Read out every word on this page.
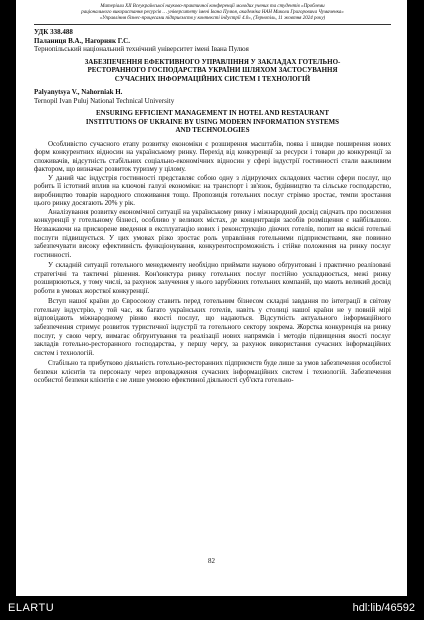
Матеріали XII Всеукраїнської науково-практичної конференції молодих учених та студентів «Проблеми
раціонального використання ресурсів … університету імені Івана Пулюя, академіка НАН Миколи Григоровича Чумаченка»
«Управління бізнес-процесами підприємств у контексті індустрії 4.0», (Тернопіль, 11 жовтня 2024 року)
УДК 338.488
Паланиця В.А., Нагорняк Г.С.
Тернопільський національний технічний університет імені Івана Пулюя
ЗАБЕЗПЕЧЕННЯ ЕФЕКТИВНОГО УПРАВЛІННЯ У ЗАКЛАДАХ ГОТЕЛЬНО-
РЕСТОРАННОГО ГОСПОДАРСТВА УКРАЇНИ ШЛЯХОМ ЗАСТОСУВАННЯ
СУЧАСНИХ ІНФОРМАЦІЙНИХ СИСТЕМ І ТЕХНОЛОГІЙ
Palyanytsya V., Nahorniak H.
Ternopil Ivan Puluj National Technical University
ENSURING EFFICIENT MANAGEMENT IN HOTEL AND RESTAURANT
INSTITUTIONS OF UKRAINE BY USING MODERN INFORMATION SYSTEMS
AND TECHNOLOGIES

Особливістю сучасного етапу розвитку економіки є розширення масштабів, поява і швидке поширення нових форм конкурентних відносин на українському ринку. Перехід від конкуренції за ресурси і товари до конкуренції за споживачів, відсутність стабільних соціально-економічних відносин у сфері індустрії гостинності стали важливим фактором, що визначає розвиток туризму у цілому.

У даний час індустрія гостинності представляє собою одну з лідируючих складових частин сфери послуг, що робить її істотний вплив на ключові галузі економіки: на транспорт і зв'язок, будівництво та сільське господарство, виробництво товарів народного споживання тощо. Пропозиція готельних послуг стрімко зростає, темпи зростання цього ринку досягають 20% у рік.

Аналізування розвитку економічної ситуації на українському ринку і міжнародний досвід свідчать про посилення конкуренції у готельному бізнесі, особливо у великих містах, де концентрація засобів розміщення є найбільшою. Незважаючи на прискорене введення в експлуатацію нових і реконструкцію діючих готелів, попит на якісні готельні послуги підвищується. У цих умовах різко зростає роль управління готельними підприємствами, яке повинно забезпечувати високу ефективність функціонування, конкурентоспроможність і стійке положення на ринку послуг гостинності.

У складній ситуації готельного менеджменту необхідно приймати науково обґрунтовані і практично реалізовані стратегічні та тактичні рішення. Кон'юнктура ринку готельних послуг постійно ускладнюється, межі ринку розширюються, у тому числі, за рахунок залучення у нього зарубіжних готельних компаній, що мають великий досвід роботи в умовах жорсткої конкуренції.

Вступ нашої країни до Євросоюзу ставить перед готельним бізнесом складні завдання по інтеграції в світову готельну індустрію, у той час, як багато українських готелів, навіть у столиці нашої країни не у повній мірі відповідають міжнародному рівню якості послуг, що надаються. Відсутність актуального інформаційного забезпечення стримує розвиток туристичної індустрії та готельного сектору зокрема. Жорстка конкуренція на ринку послуг, у свою чергу, вимагає обґрунтування та реалізації нових напрямків і методів підвищення якості послуг закладів готельно-ресторанного господарства, у першу чергу, за рахунок використання сучасних інформаційних систем і технологій.

Стабільно та прибутково діяльність готельно-ресторанних підприємств буде лише за умов забезпечення особистої безпеки клієнтів та персоналу через впровадження сучасних інформаційних систем і технологій. Забезпечення особистої безпеки клієнтів є не лише умовою ефективної діяльності суб'єкта готельно-

82
ELARTU	hdl:lib/46592
